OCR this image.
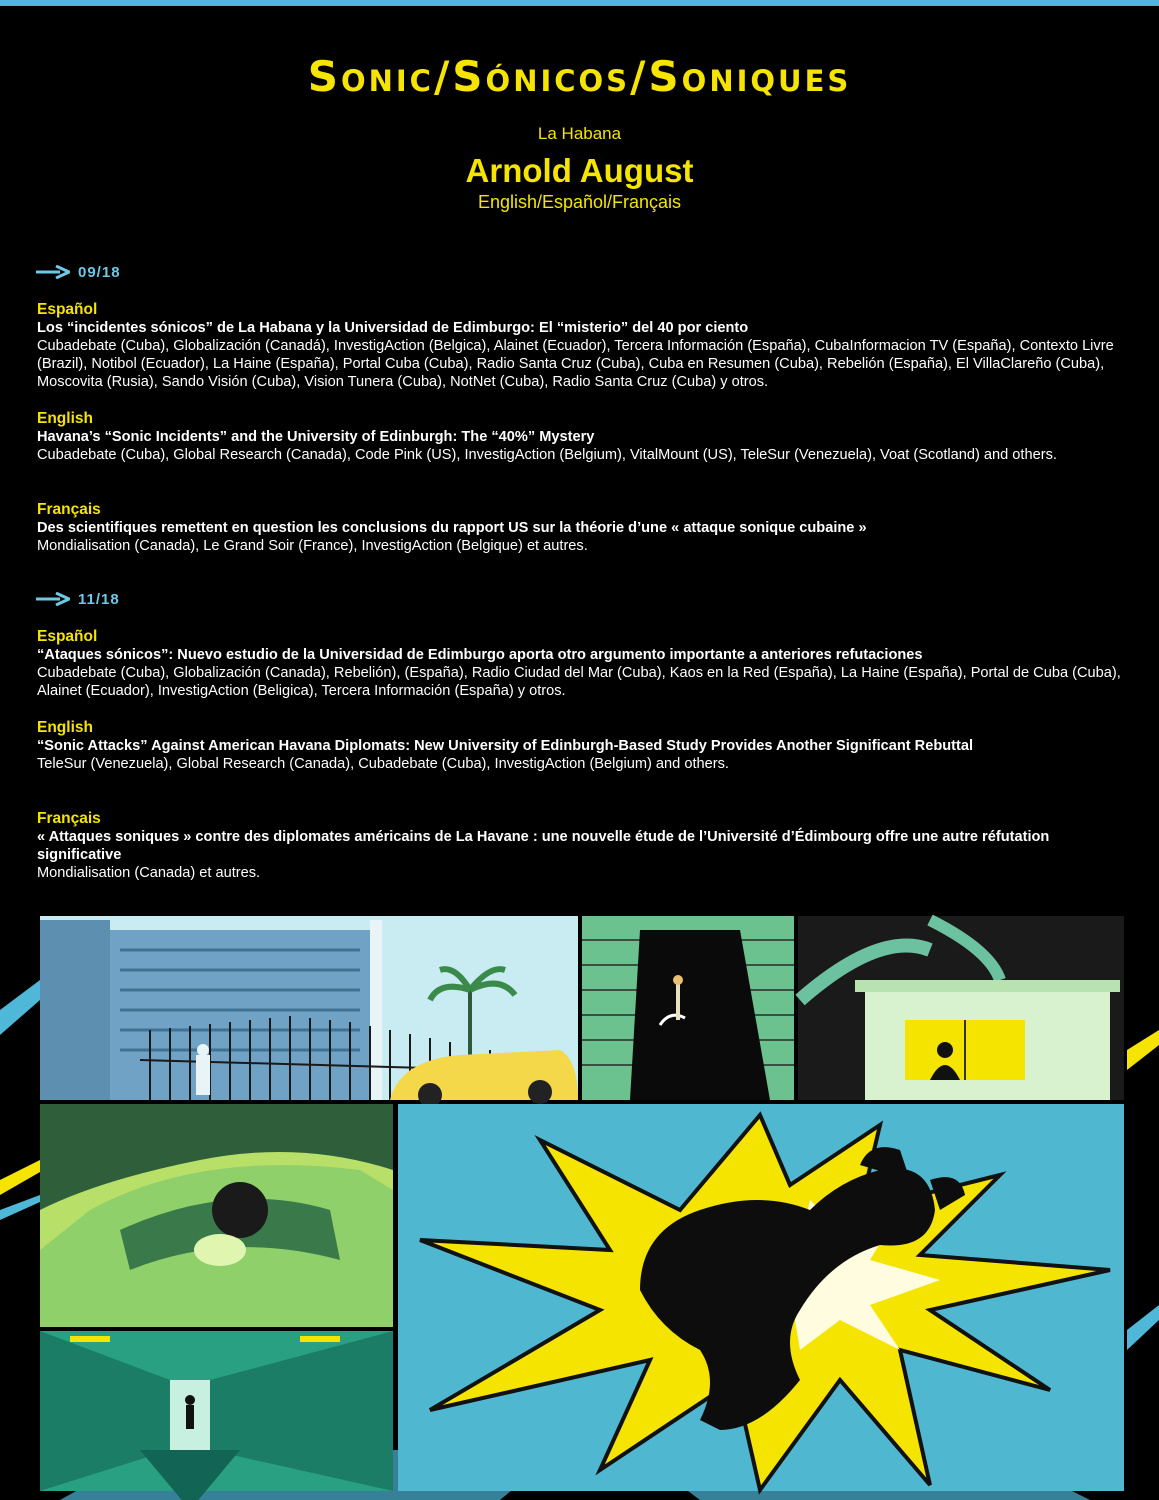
Sonic/Sónicos/Soniques
La Habana
Arnold August
English/Español/Français
09/18
Español
Los “incidentes sónicos” de La Habana y la Universidad de Edimburgo: El “misterio” del 40 por ciento
Cubadebate (Cuba), Globalización (Canadá), InvestigAction (Belgica), Alainet (Ecuador), Tercera Información (España), CubaInformacion TV (España), Contexto Livre (Brazil), Notibol (Ecuador), La Haine (España), Portal Cuba (Cuba), Radio Santa Cruz (Cuba), Cuba en Resumen (Cuba), Rebelión (España), El VillaClareño (Cuba), Moscovita (Rusia), Sando Visión (Cuba), Vision Tunera (Cuba), NotNet (Cuba), Radio Santa Cruz (Cuba) y otros.
English
Havana’s “Sonic Incidents” and the University of Edinburgh: The “40%” Mystery
Cubadebate (Cuba), Global Research (Canada), Code Pink (US), InvestigAction (Belgium), VitalMount (US), TeleSur (Venezuela), Voat (Scotland) and others.
Français
Des scientifiques remettent en question les conclusions du rapport US sur la théorie d’une « attaque sonique cubaine »
Mondialisation (Canada), Le Grand Soir (France), InvestigAction (Belgique) et autres.
11/18
Español
“Ataques sónicos”: Nuevo estudio de la Universidad de Edimburgo aporta otro argumento importante a anteriores refutaciones
Cubadebate (Cuba), Globalización (Canada), Rebelión), (España), Radio Ciudad del Mar (Cuba), Kaos en la Red (España), La Haine (España), Portal de Cuba (Cuba), Alainet (Ecuador), InvestigAction (Beligica), Tercera Información (España) y otros.
English
“Sonic Attacks” Against American Havana Diplomats: New University of Edinburgh-Based Study Provides Another Significant Rebuttal
TeleSur (Venezuela), Global Research (Canada), Cubadebate (Cuba), InvestigAction (Belgium) and others.
Français
« Attaques soniques » contre des diplomates américains de La Havane : une nouvelle étude de l’Université d’Édimbourg offre une autre réfutation significative
Mondialisation (Canada) et autres.
